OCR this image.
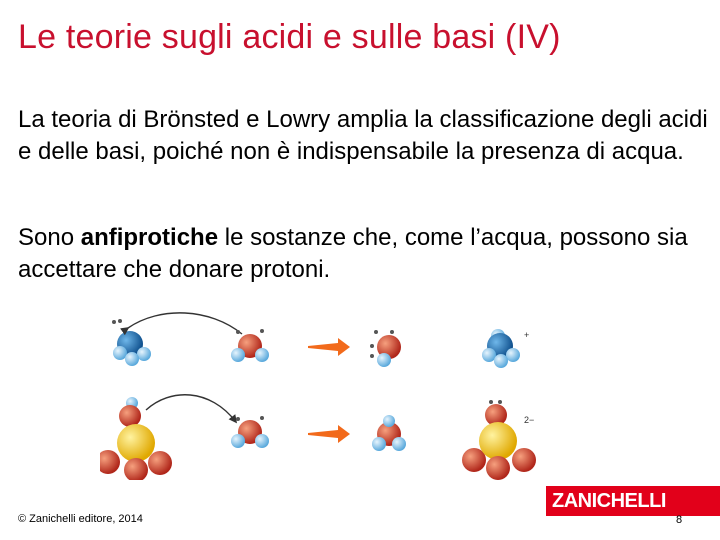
Le teorie sugli acidi e sulle basi (IV)
La teoria di Brönsted e Lowry amplia la classificazione degli acidi e delle basi, poiché non è indispensabile la presenza di acqua.
Sono anfiprotiche le sostanze che, come l’acqua, possono sia accettare che donare protoni.
+
2−
© Zanichelli editore, 2014
ZANICHELLI
8
